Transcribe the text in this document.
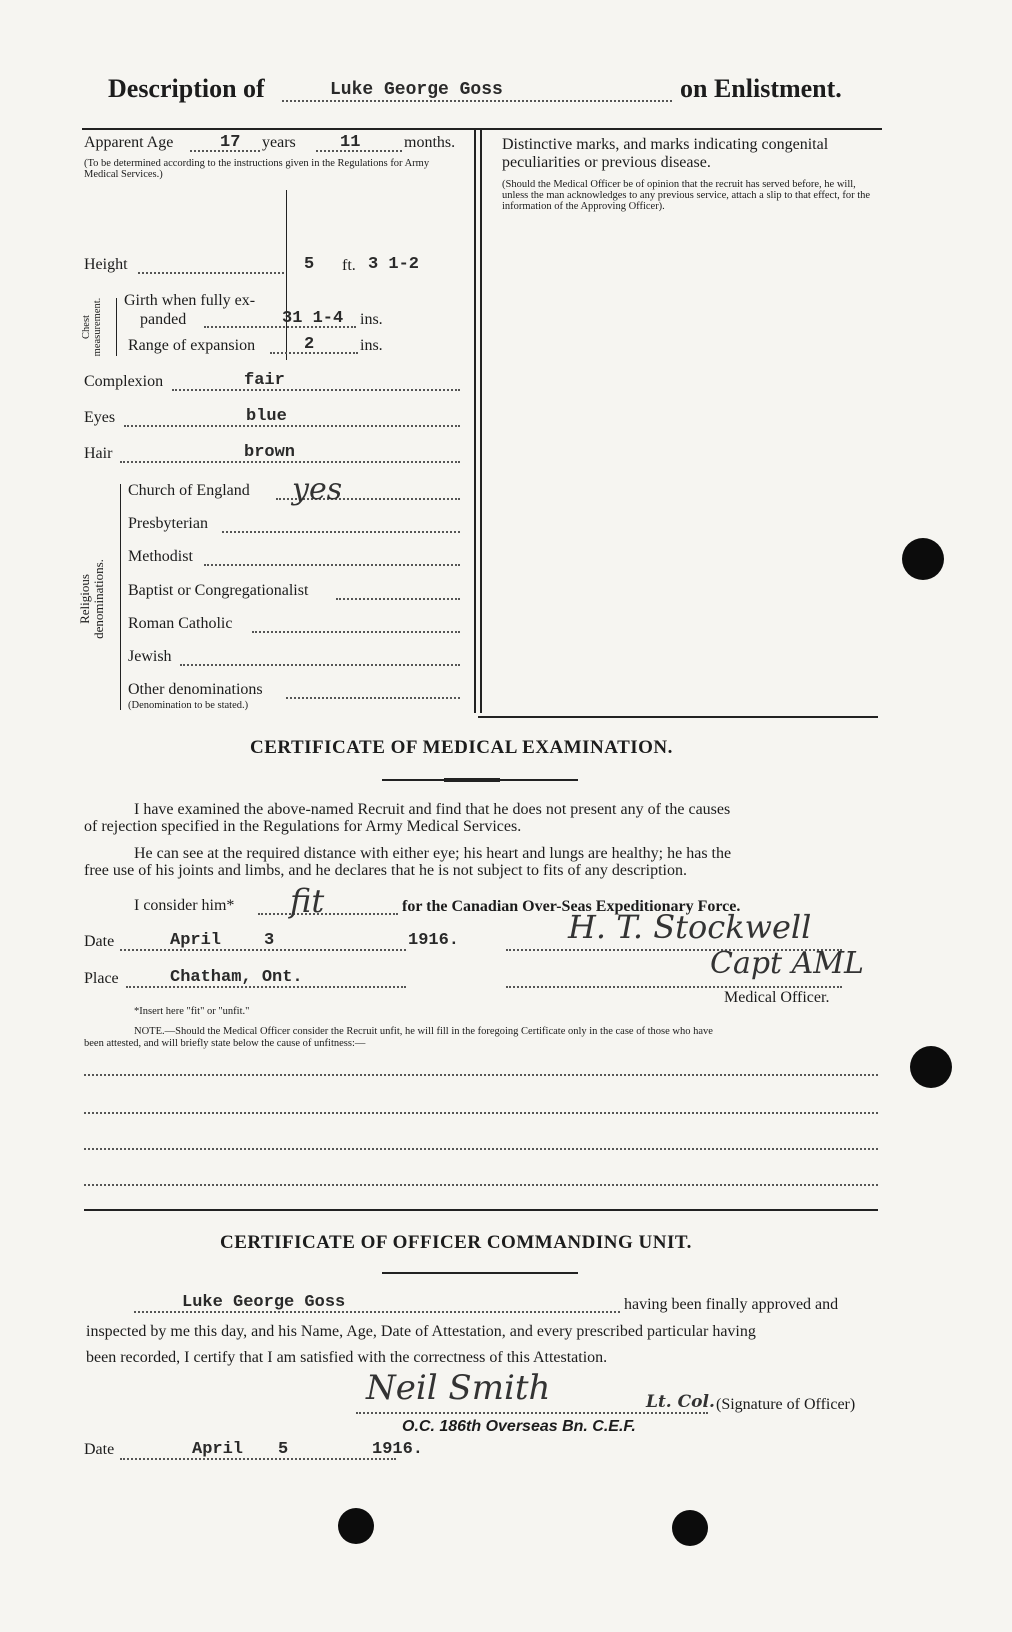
Description of	Luke George Goss	on Enlistment.
Apparent Age	17 years	11	months.
(To be determined according to the instructions given in the Regulations for Army Medical Services.)
Height	5 ft. 3 1-2
Chest measurement. Girth when fully ex-
panded	31 1-4 ins.
Range of expansion	2	ins.
Complexion	fair
Eyes	blue
Hair	brown
Religious denominations.
Church of England yes
Presbyterian
Methodist
Baptist or Congregationalist
Roman Catholic
Jewish
Other denominations
(Denomination to be stated.)
Distinctive marks, and marks indicating congenital
peculiarities or previous disease.
(Should the Medical Officer be of opinion that the recruit has served before, he will, unless the man acknowledges to any previous service, attach a slip to that effect, for the information of the Approving Officer).
CERTIFICATE OF MEDICAL EXAMINATION.
I have examined the above-named Recruit and find that he does not present any of the causes
of rejection specified in the Regulations for Army Medical Services.
He can see at the required distance with either eye; his heart and lungs are healthy; he has the
free use of his joints and limbs, and he declares that he is not subject to fits of any description.
I consider him* fit	for the Canadian Over-Seas Expeditionary Force.
Date	April	3	1916.	H. T. Stockwell
Place	Chatham, Ont.	Capt AML
Medical Officer.
*Insert here "fit" or "unfit."
NOTE.—Should the Medical Officer consider the Recruit unfit, he will fill in the foregoing Certificate only in the case of those who have
been attested, and will briefly state below the cause of unfitness:—
CERTIFICATE OF OFFICER COMMANDING UNIT.
Luke George Goss	having been finally approved and
inspected by me this day, and his Name, Age, Date of Attestation, and every prescribed particular having
been recorded, I certify that I am satisfied with the correctness of this Attestation.
Neil Smith	Lt. Col. (Signature of Officer)
O.C. 186th Overseas Bn. C.E.F.
Date	April 5	1916.
